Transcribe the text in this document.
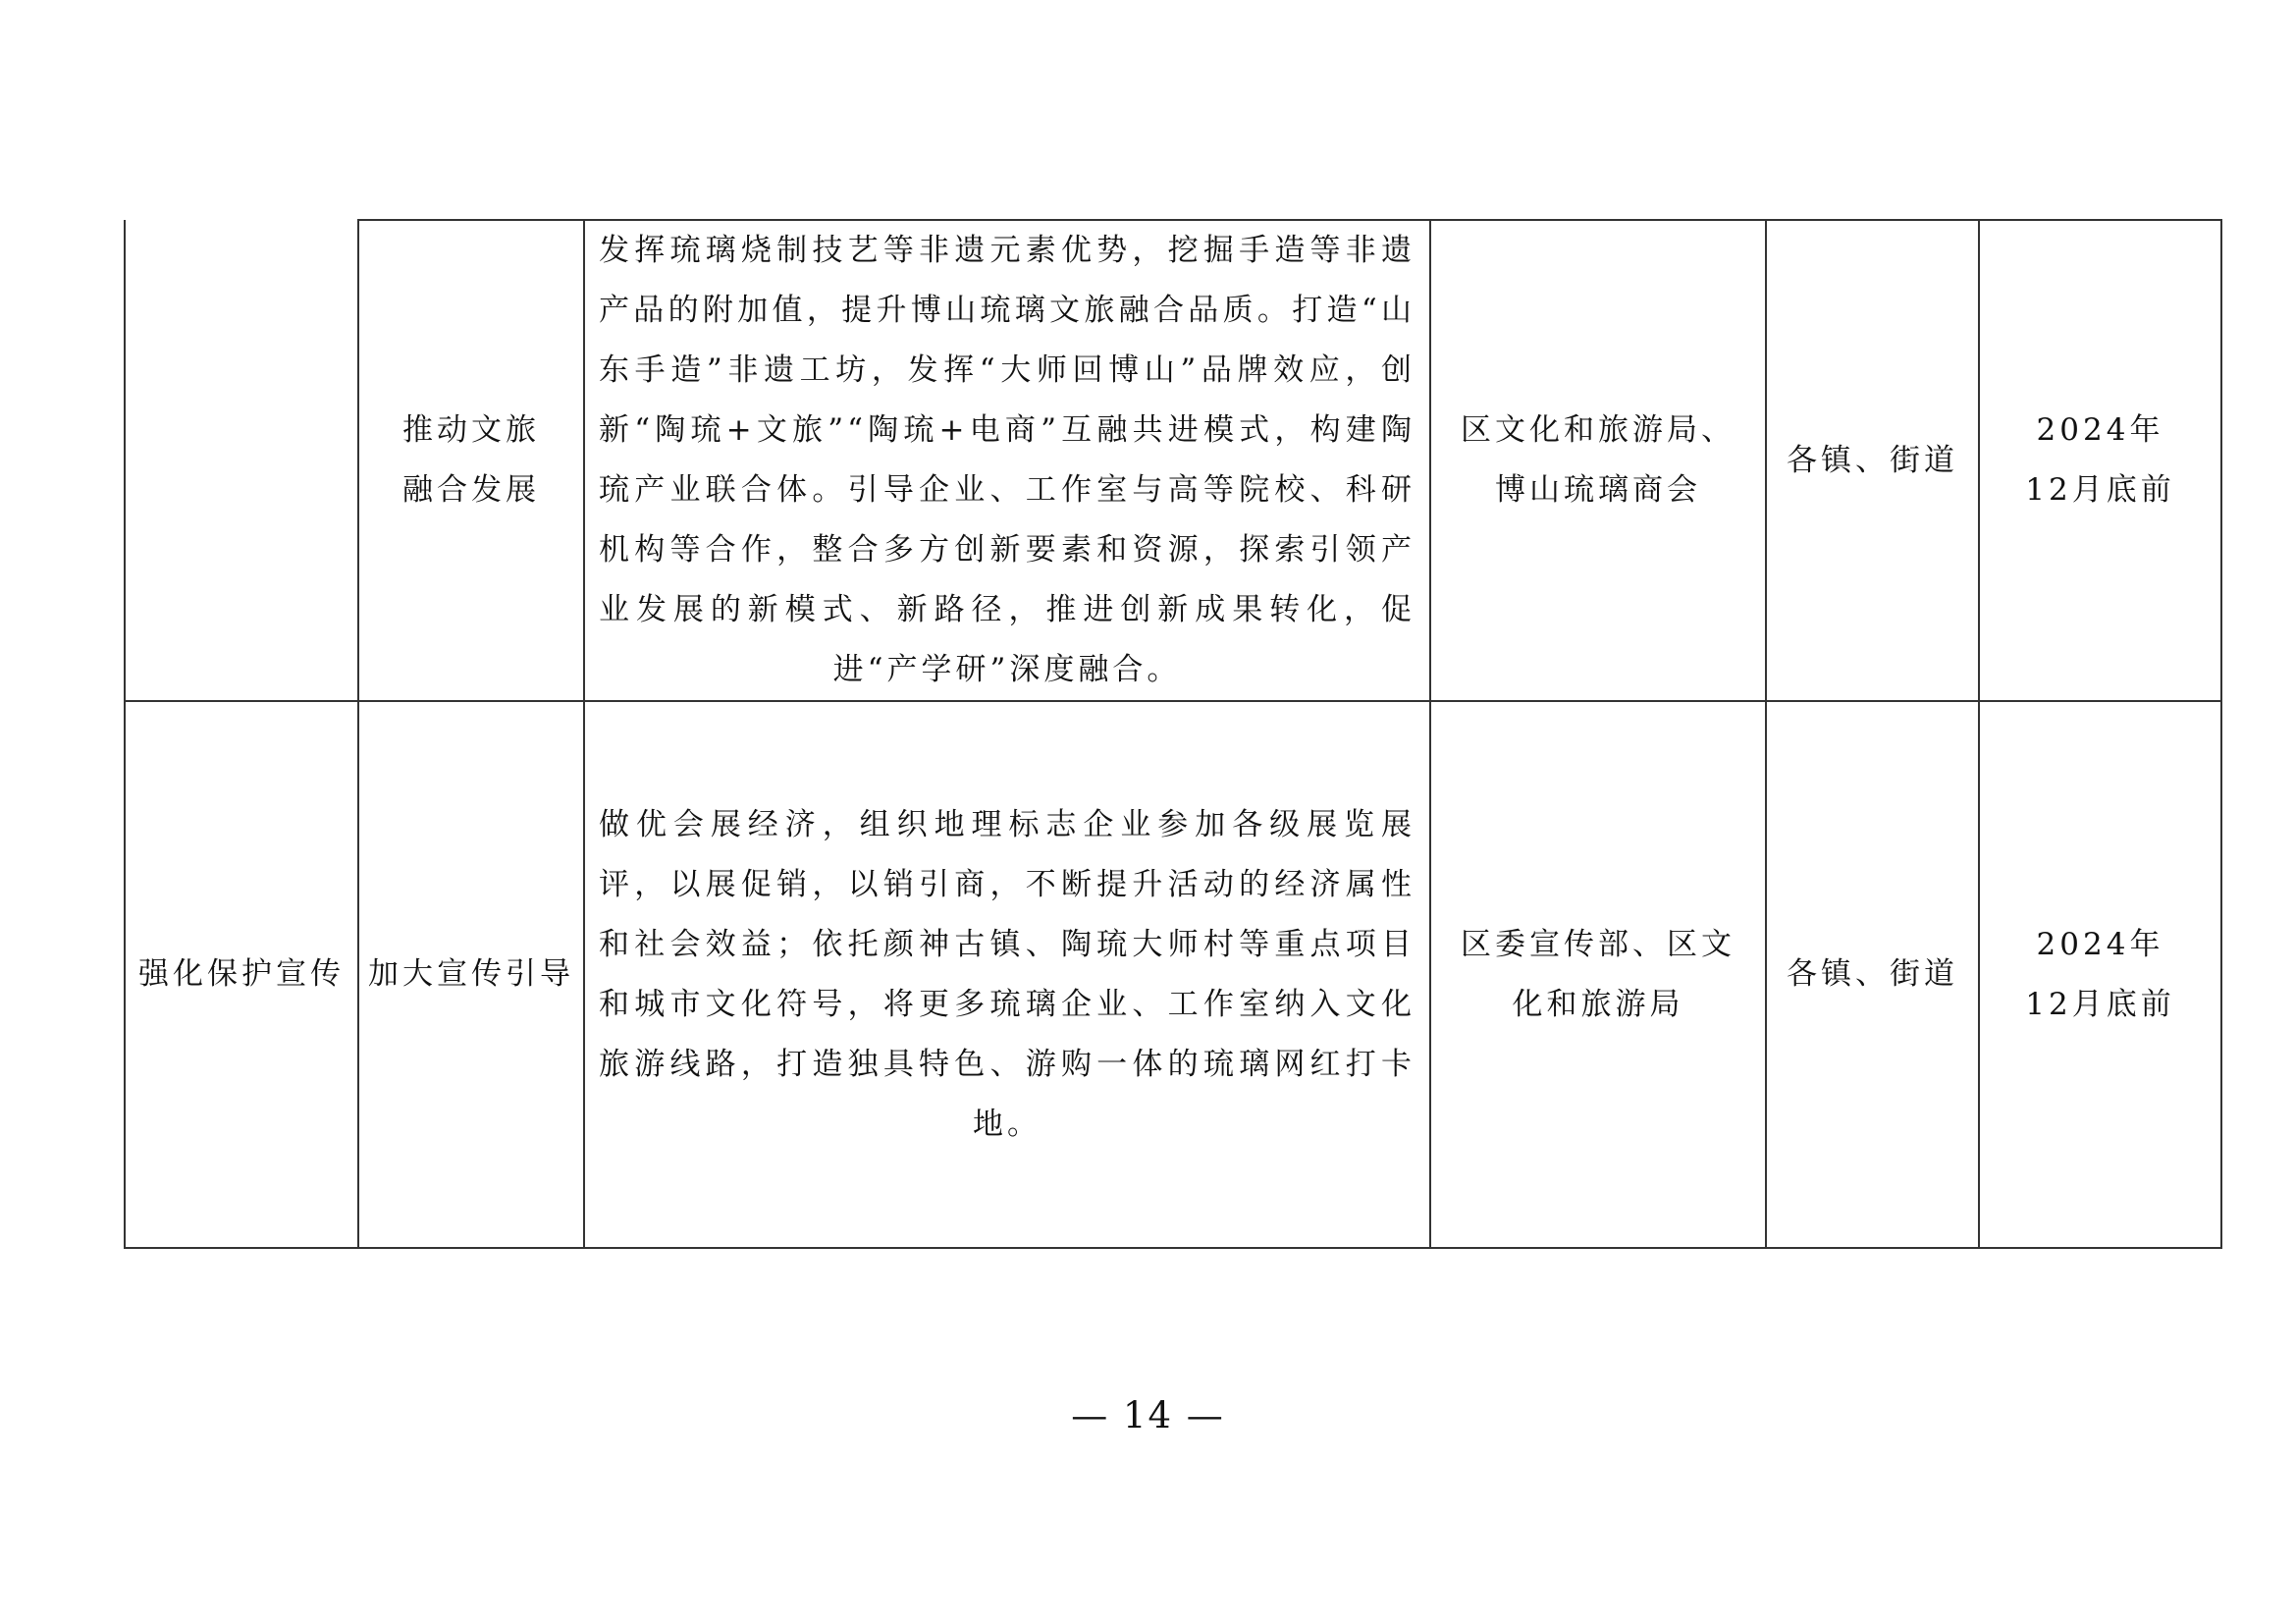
	推动文旅融合发展	发挥琉璃烧制技艺等非遗元素优势，挖掘手造等非遗产品的附加值，提升博山琉璃文旅融合品质。打造“山东手造”非遗工坊，发挥“大师回博山”品牌效应，创新“陶琉+文旅”“陶琉+电商”互融共进模式，构建陶琉产业联合体。引导企业、工作室与高等院校、科研机构等合作，整合多方创新要素和资源，探索引领产业发展的新模式、新路径，推进创新成果转化，促进“产学研”深度融合。	区文化和旅游局、博山琉璃商会	各镇、街道	2024年12月底前
强化保护宣传	加大宣传引导	做优会展经济，组织地理标志企业参加各级展览展评，以展促销，以销引商，不断提升活动的经济属性和社会效益；依托颜神古镇、陶琉大师村等重点项目和城市文化符号，将更多琉璃企业、工作室纳入文化旅游线路，打造独具特色、游购一体的琉璃网红打卡地。	区委宣传部、区文化和旅游局	各镇、街道	2024年12月底前
— 14 —
